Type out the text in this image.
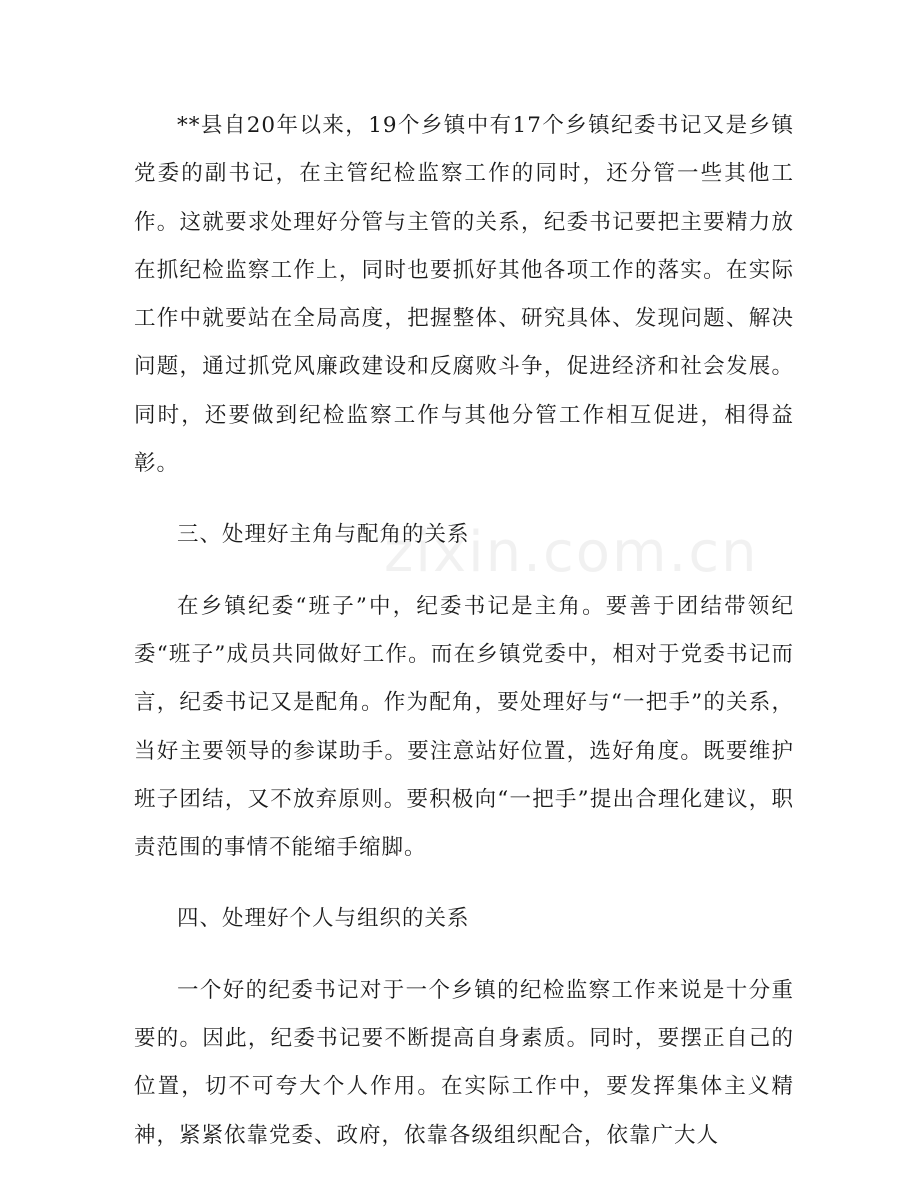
**县自20年以来，19个乡镇中有17个乡镇纪委书记又是乡镇党委的副书记，在主管纪检监察工作的同时，还分管一些其他工作。这就要求处理好分管与主管的关系，纪委书记要把主要精力放在抓纪检监察工作上，同时也要抓好其他各项工作的落实。在实际工作中就要站在全局高度，把握整体、研究具体、发现问题、解决问题，通过抓党风廉政建设和反腐败斗争，促进经济和社会发展。同时，还要做到纪检监察工作与其他分管工作相互促进，相得益彰。

三、处理好主角与配角的关系

在乡镇纪委“班子”中，纪委书记是主角。要善于团结带领纪委“班子”成员共同做好工作。而在乡镇党委中，相对于党委书记而言，纪委书记又是配角。作为配角，要处理好与“一把手”的关系，当好主要领导的参谋助手。要注意站好位置，选好角度。既要维护班子团结，又不放弃原则。要积极向“一把手”提出合理化建议，职责范围的事情不能缩手缩脚。

四、处理好个人与组织的关系

一个好的纪委书记对于一个乡镇的纪检监察工作来说是十分重要的。因此，纪委书记要不断提高自身素质。同时，要摆正自己的位置，切不可夸大个人作用。在实际工作中，要发挥集体主义精神，紧紧依靠党委、政府，依靠各级组织配合，依靠广大人

zixin.com.cn
